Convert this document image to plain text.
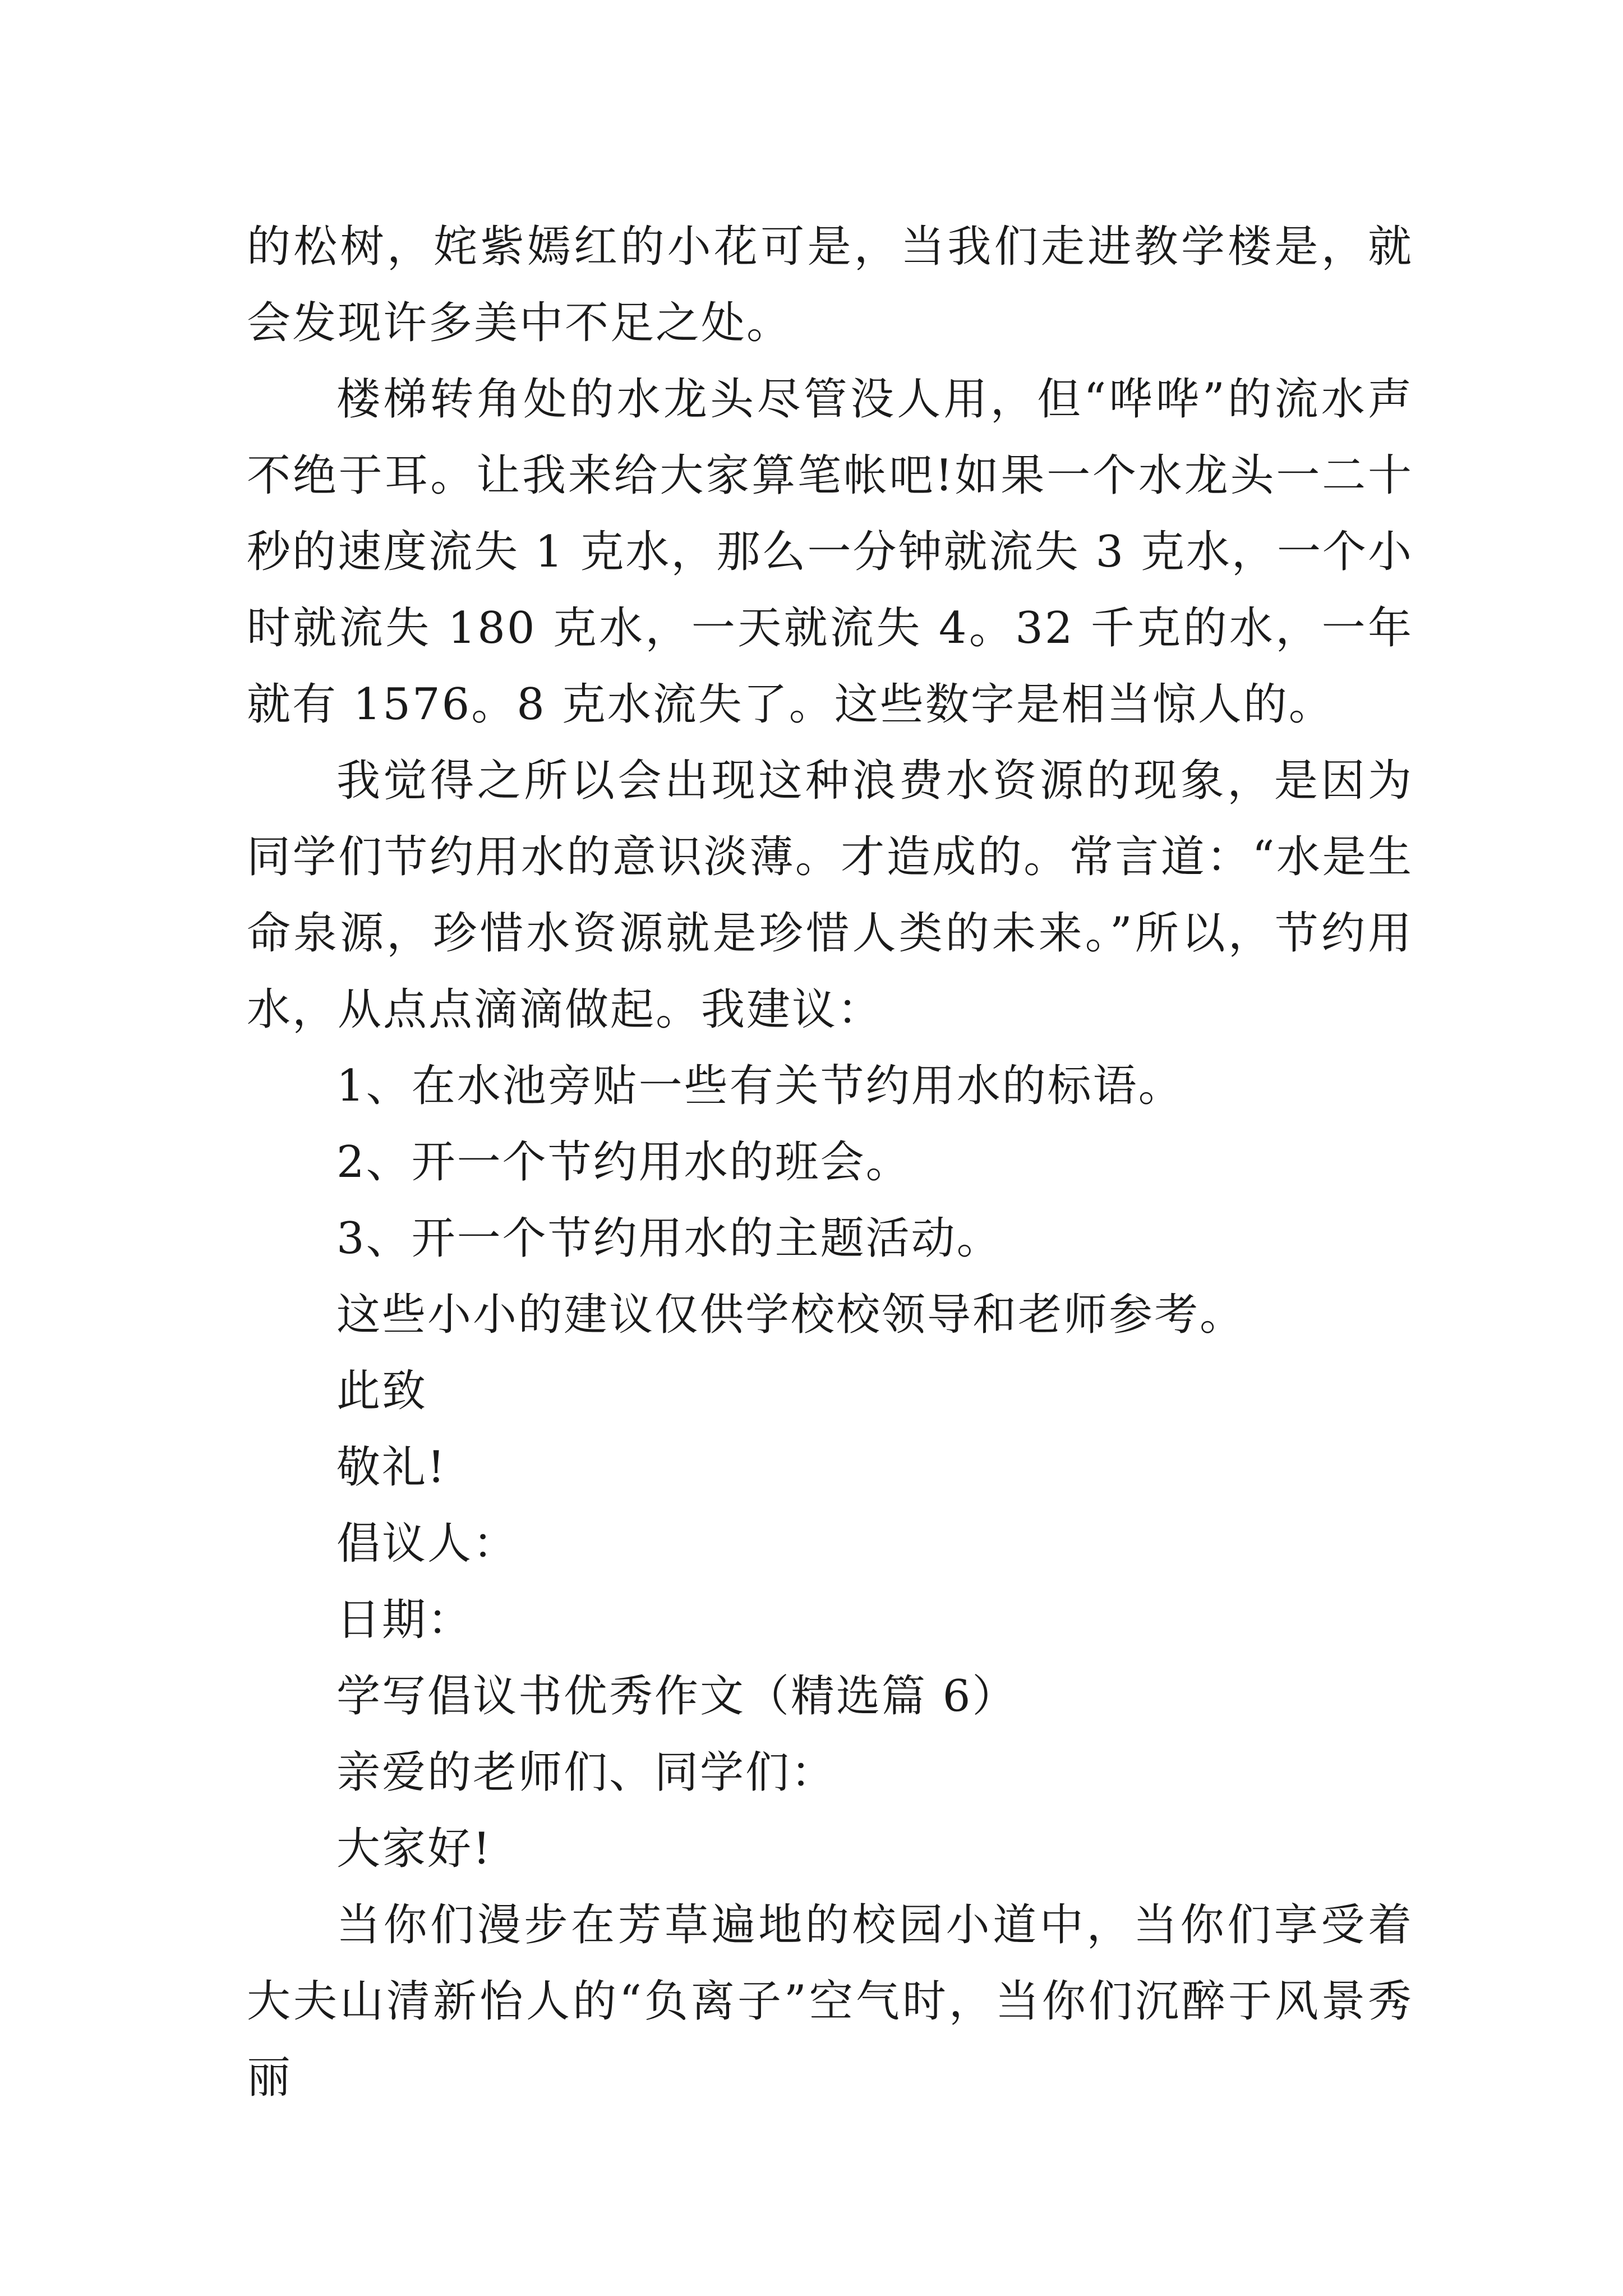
的松树，姹紫嫣红的小花可是，当我们走进教学楼是，就会发现许多美中不足之处。

楼梯转角处的水龙头尽管没人用，但“哗哗”的流水声不绝于耳。让我来给大家算笔帐吧!如果一个水龙头一二十秒的速度流失 1 克水，那么一分钟就流失 3 克水，一个小时就流失 180 克水，一天就流失 4。32 千克的水，一年就有 1576。8 克水流失了。这些数字是相当惊人的。

我觉得之所以会出现这种浪费水资源的现象，是因为同学们节约用水的意识淡薄。才造成的。常言道：“水是生命泉源，珍惜水资源就是珍惜人类的未来。”所以，节约用水，从点点滴滴做起。我建议：

1、在水池旁贴一些有关节约用水的标语。

2、开一个节约用水的班会。

3、开一个节约用水的主题活动。

这些小小的建议仅供学校校领导和老师参考。

此致

敬礼!

倡议人：

日期：

学写倡议书优秀作文（精选篇 6）

亲爱的老师们、同学们：

大家好!

当你们漫步在芳草遍地的校园小道中，当你们享受着大夫山清新怡人的“负离子”空气时，当你们沉醉于风景秀丽
